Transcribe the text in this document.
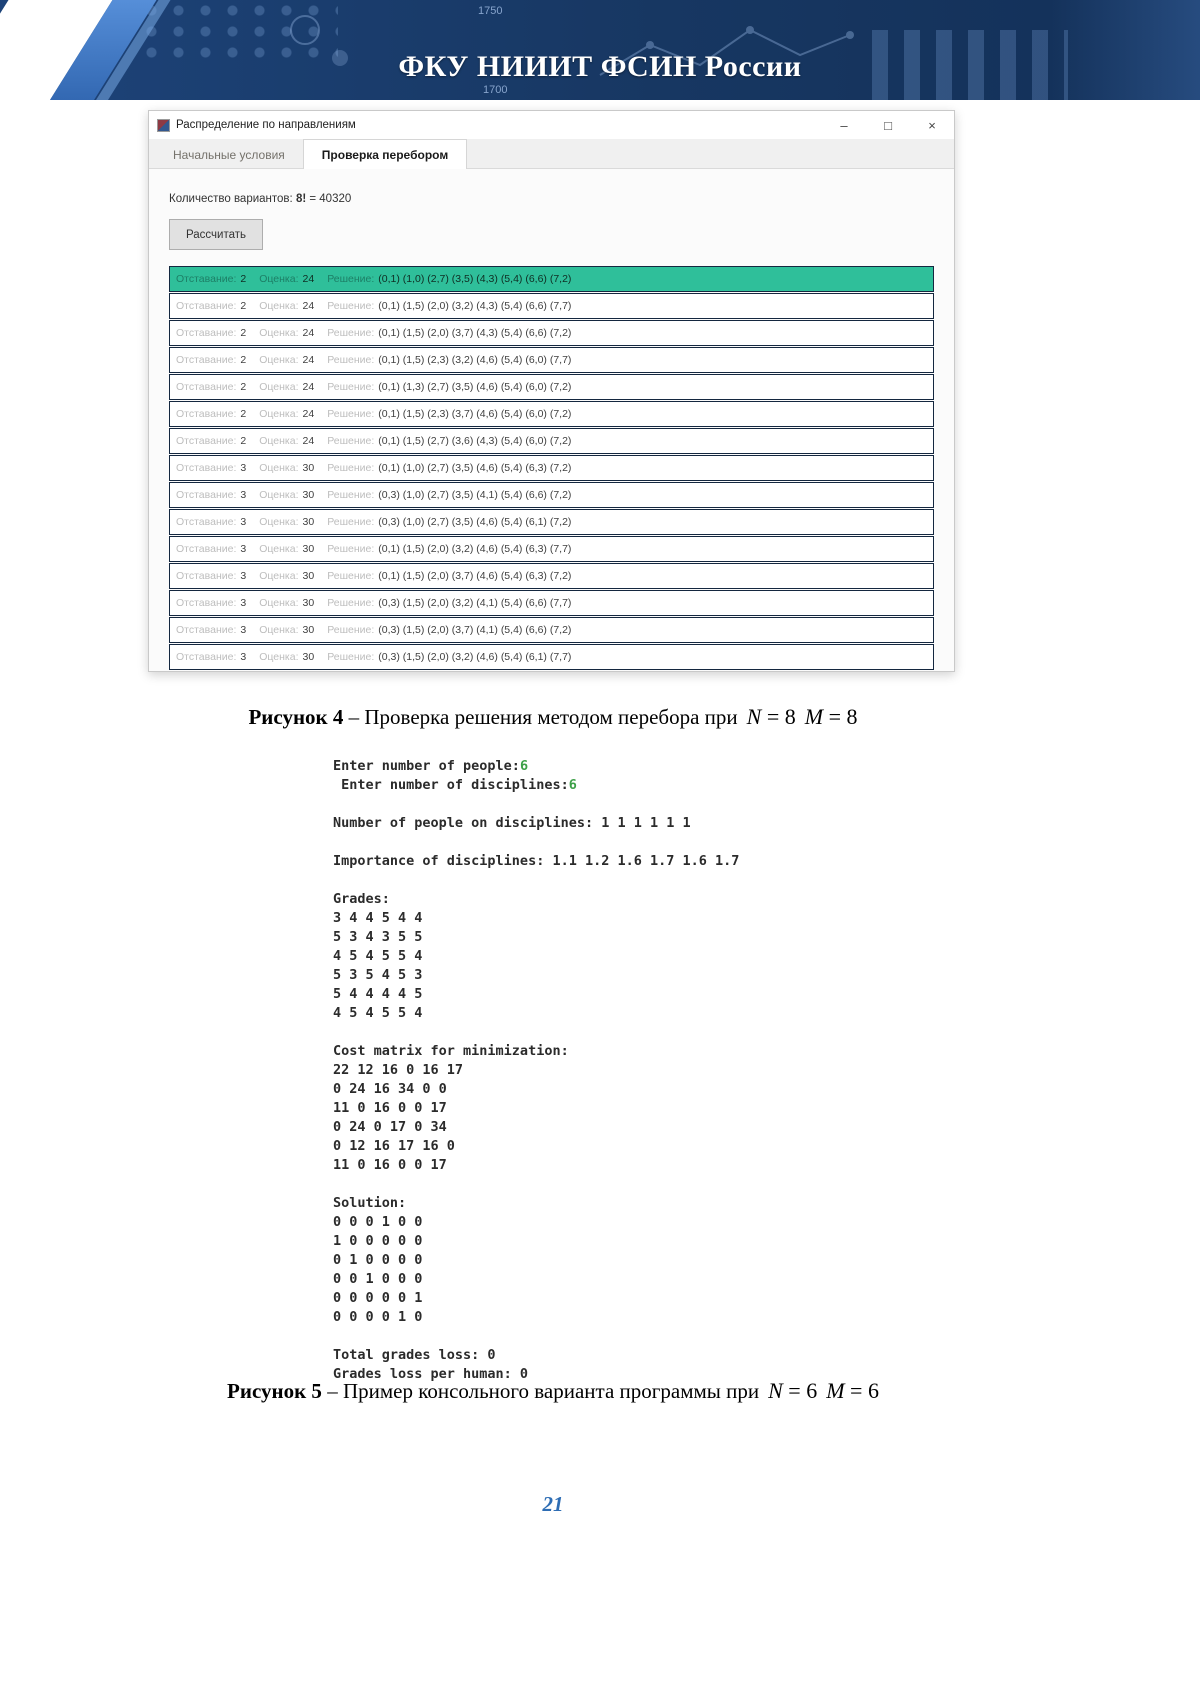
1750
1700
ФКУ НИИИТ ФСИН России
Распределение по направлениям	–	□	×
Начальные условия	Проверка перебором
Количество вариантов: 8! = 40320
Рассчитать
Отставание: 2 Оценка: 24 Решение: (0,1) (1,0) (2,7) (3,5) (4,3) (5,4) (6,6) (7,2)
Отставание: 2 Оценка: 24 Решение: (0,1) (1,5) (2,0) (3,2) (4,3) (5,4) (6,6) (7,7)
Отставание: 2 Оценка: 24 Решение: (0,1) (1,5) (2,0) (3,7) (4,3) (5,4) (6,6) (7,2)
Отставание: 2 Оценка: 24 Решение: (0,1) (1,5) (2,3) (3,2) (4,6) (5,4) (6,0) (7,7)
Отставание: 2 Оценка: 24 Решение: (0,1) (1,3) (2,7) (3,5) (4,6) (5,4) (6,0) (7,2)
Отставание: 2 Оценка: 24 Решение: (0,1) (1,5) (2,3) (3,7) (4,6) (5,4) (6,0) (7,2)
Отставание: 2 Оценка: 24 Решение: (0,1) (1,5) (2,7) (3,6) (4,3) (5,4) (6,0) (7,2)
Отставание: 3 Оценка: 30 Решение: (0,1) (1,0) (2,7) (3,5) (4,6) (5,4) (6,3) (7,2)
Отставание: 3 Оценка: 30 Решение: (0,3) (1,0) (2,7) (3,5) (4,1) (5,4) (6,6) (7,2)
Отставание: 3 Оценка: 30 Решение: (0,3) (1,0) (2,7) (3,5) (4,6) (5,4) (6,1) (7,2)
Отставание: 3 Оценка: 30 Решение: (0,1) (1,5) (2,0) (3,2) (4,6) (5,4) (6,3) (7,7)
Отставание: 3 Оценка: 30 Решение: (0,1) (1,5) (2,0) (3,7) (4,6) (5,4) (6,3) (7,2)
Отставание: 3 Оценка: 30 Решение: (0,3) (1,5) (2,0) (3,2) (4,1) (5,4) (6,6) (7,7)
Отставание: 3 Оценка: 30 Решение: (0,3) (1,5) (2,0) (3,7) (4,1) (5,4) (6,6) (7,2)
Отставание: 3 Оценка: 30 Решение: (0,3) (1,5) (2,0) (3,2) (4,6) (5,4) (6,1) (7,7)

Рисунок 4 – Проверка решения методом перебора при N = 8 M = 8

Enter number of people:6
Enter number of disciplines:6

Number of people on disciplines: 1 1 1 1 1 1

Importance of disciplines: 1.1 1.2 1.6 1.7 1.6 1.7

Grades:
3 4 4 5 4 4
5 3 4 3 5 5
4 5 4 5 5 4
5 3 5 4 5 3
5 4 4 4 4 5
4 5 4 5 5 4

Cost matrix for minimization:
22 12 16 0 16 17
0 24 16 34 0 0
11 0 16 0 0 17
0 24 0 17 0 34
0 12 16 17 16 0
11 0 16 0 0 17

Solution:
0 0 0 1 0 0
1 0 0 0 0 0
0 1 0 0 0 0
0 0 1 0 0 0
0 0 0 0 0 1
0 0 0 0 1 0

Total grades loss: 0
Grades loss per human: 0

Рисунок 5 – Пример консольного варианта программы при N = 6 M = 6

21
